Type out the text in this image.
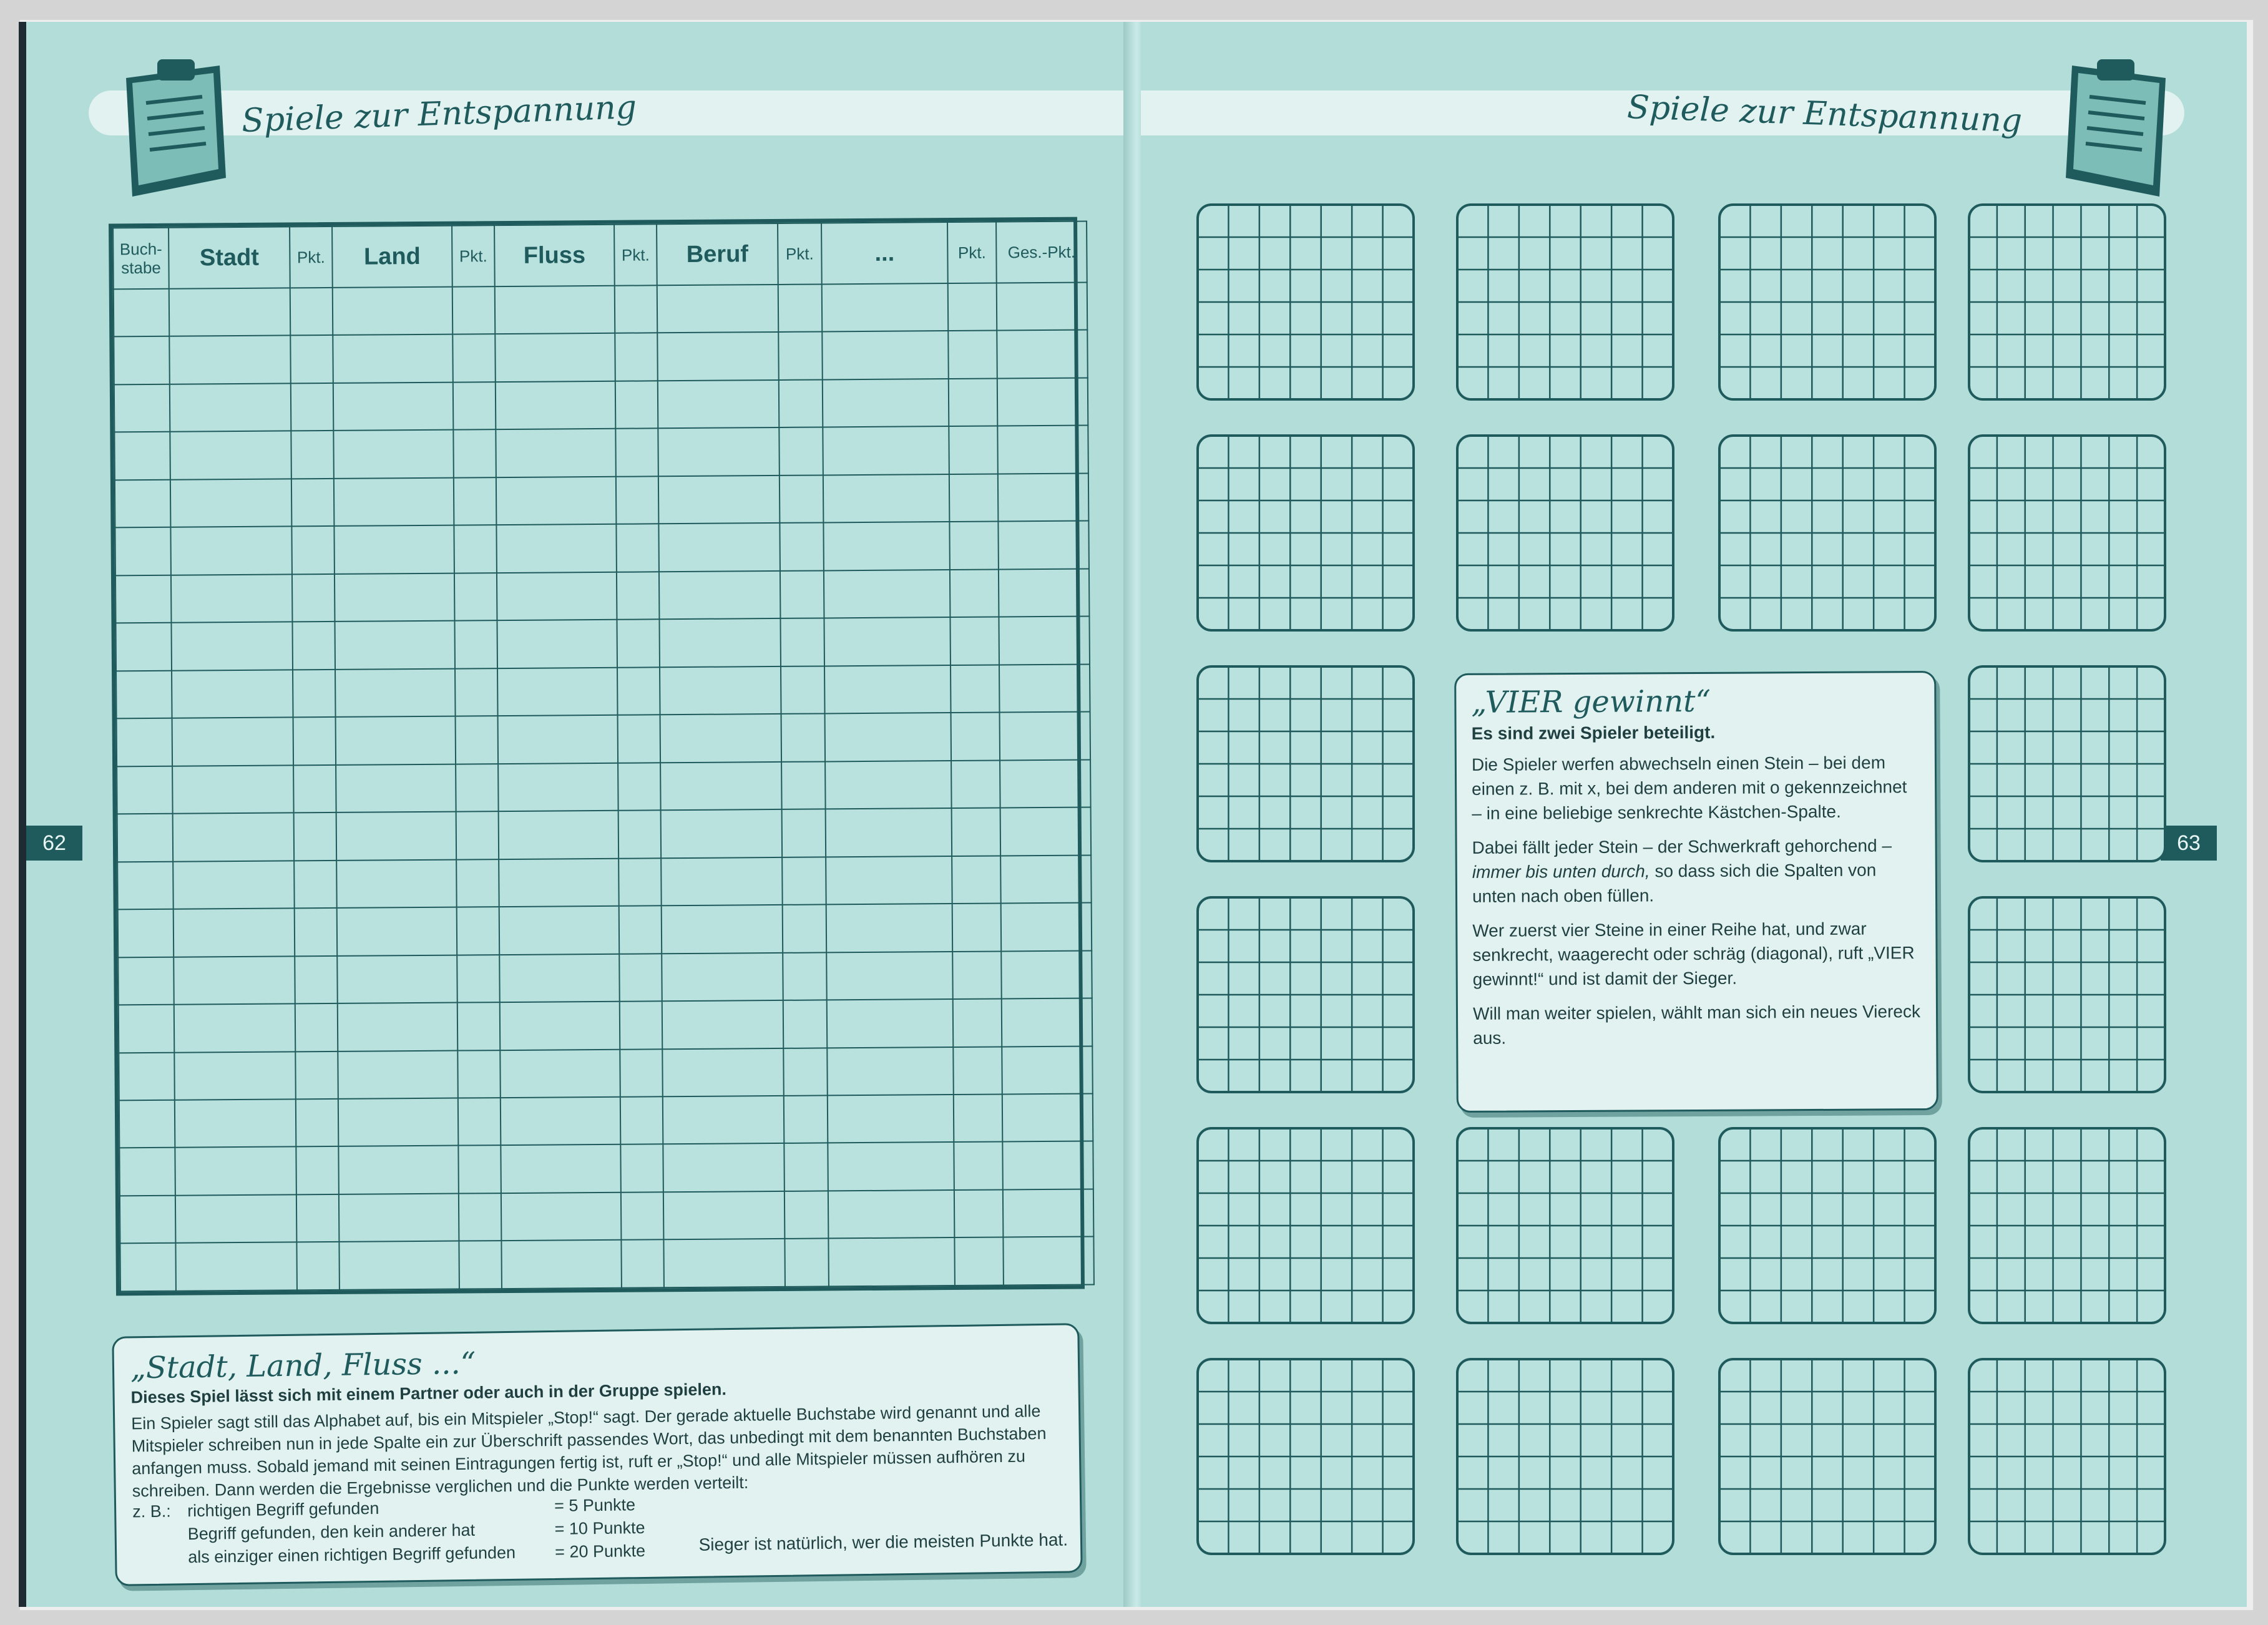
Spiele zur Entspannung
62
Buch-
stabe	Stadt	Pkt.	Land	Pkt.	Fluss	Pkt.	Beruf	Pkt.	...	Pkt.	Ges.-Pkt.

„Stadt, Land, Fluss ...“
Dieses Spiel lässt sich mit einem Partner oder auch in der Gruppe spielen.
Ein Spieler sagt still das Alphabet auf, bis ein Mitspieler „Stop!“ sagt. Der gerade aktuelle Buchstabe wird genannt und alle Mitspieler schreiben nun in jede Spalte ein zur Überschrift passendes Wort, das unbedingt mit dem benannten Buchstaben anfangen muss. Sobald jemand mit seinen Eintragungen fertig ist, ruft er „Stop!“ und alle Mitspieler müssen aufhören zu schreiben. Dann werden die Ergebnisse verglichen und die Punkte werden verteilt:
z. B.: richtigen Begriff gefunden	= 5 Punkte
Begriff gefunden, den kein anderer hat	= 10 Punkte
als einziger einen richtigen Begriff gefunden = 20 Punkte	Sieger ist natürlich, wer die meisten Punkte hat.
Spiele zur Entspannung
63
„VIER gewinnt“
Es sind zwei Spieler beteiligt.
Die Spieler werfen abwechseln einen Stein – bei dem einen z. B. mit x, bei dem anderen mit o gekennzeichnet – in eine beliebige senkrechte Kästchen-Spalte.
Dabei fällt jeder Stein – der Schwerkraft gehorchend – immer bis unten durch, so dass sich die Spalten von unten nach oben füllen.
Wer zuerst vier Steine in einer Reihe hat, und zwar senkrecht, waagerecht oder schräg (diagonal), ruft „VIER gewinnt!“ und ist damit der Sieger.
Will man weiter spielen, wählt man sich ein neues Viereck aus.
